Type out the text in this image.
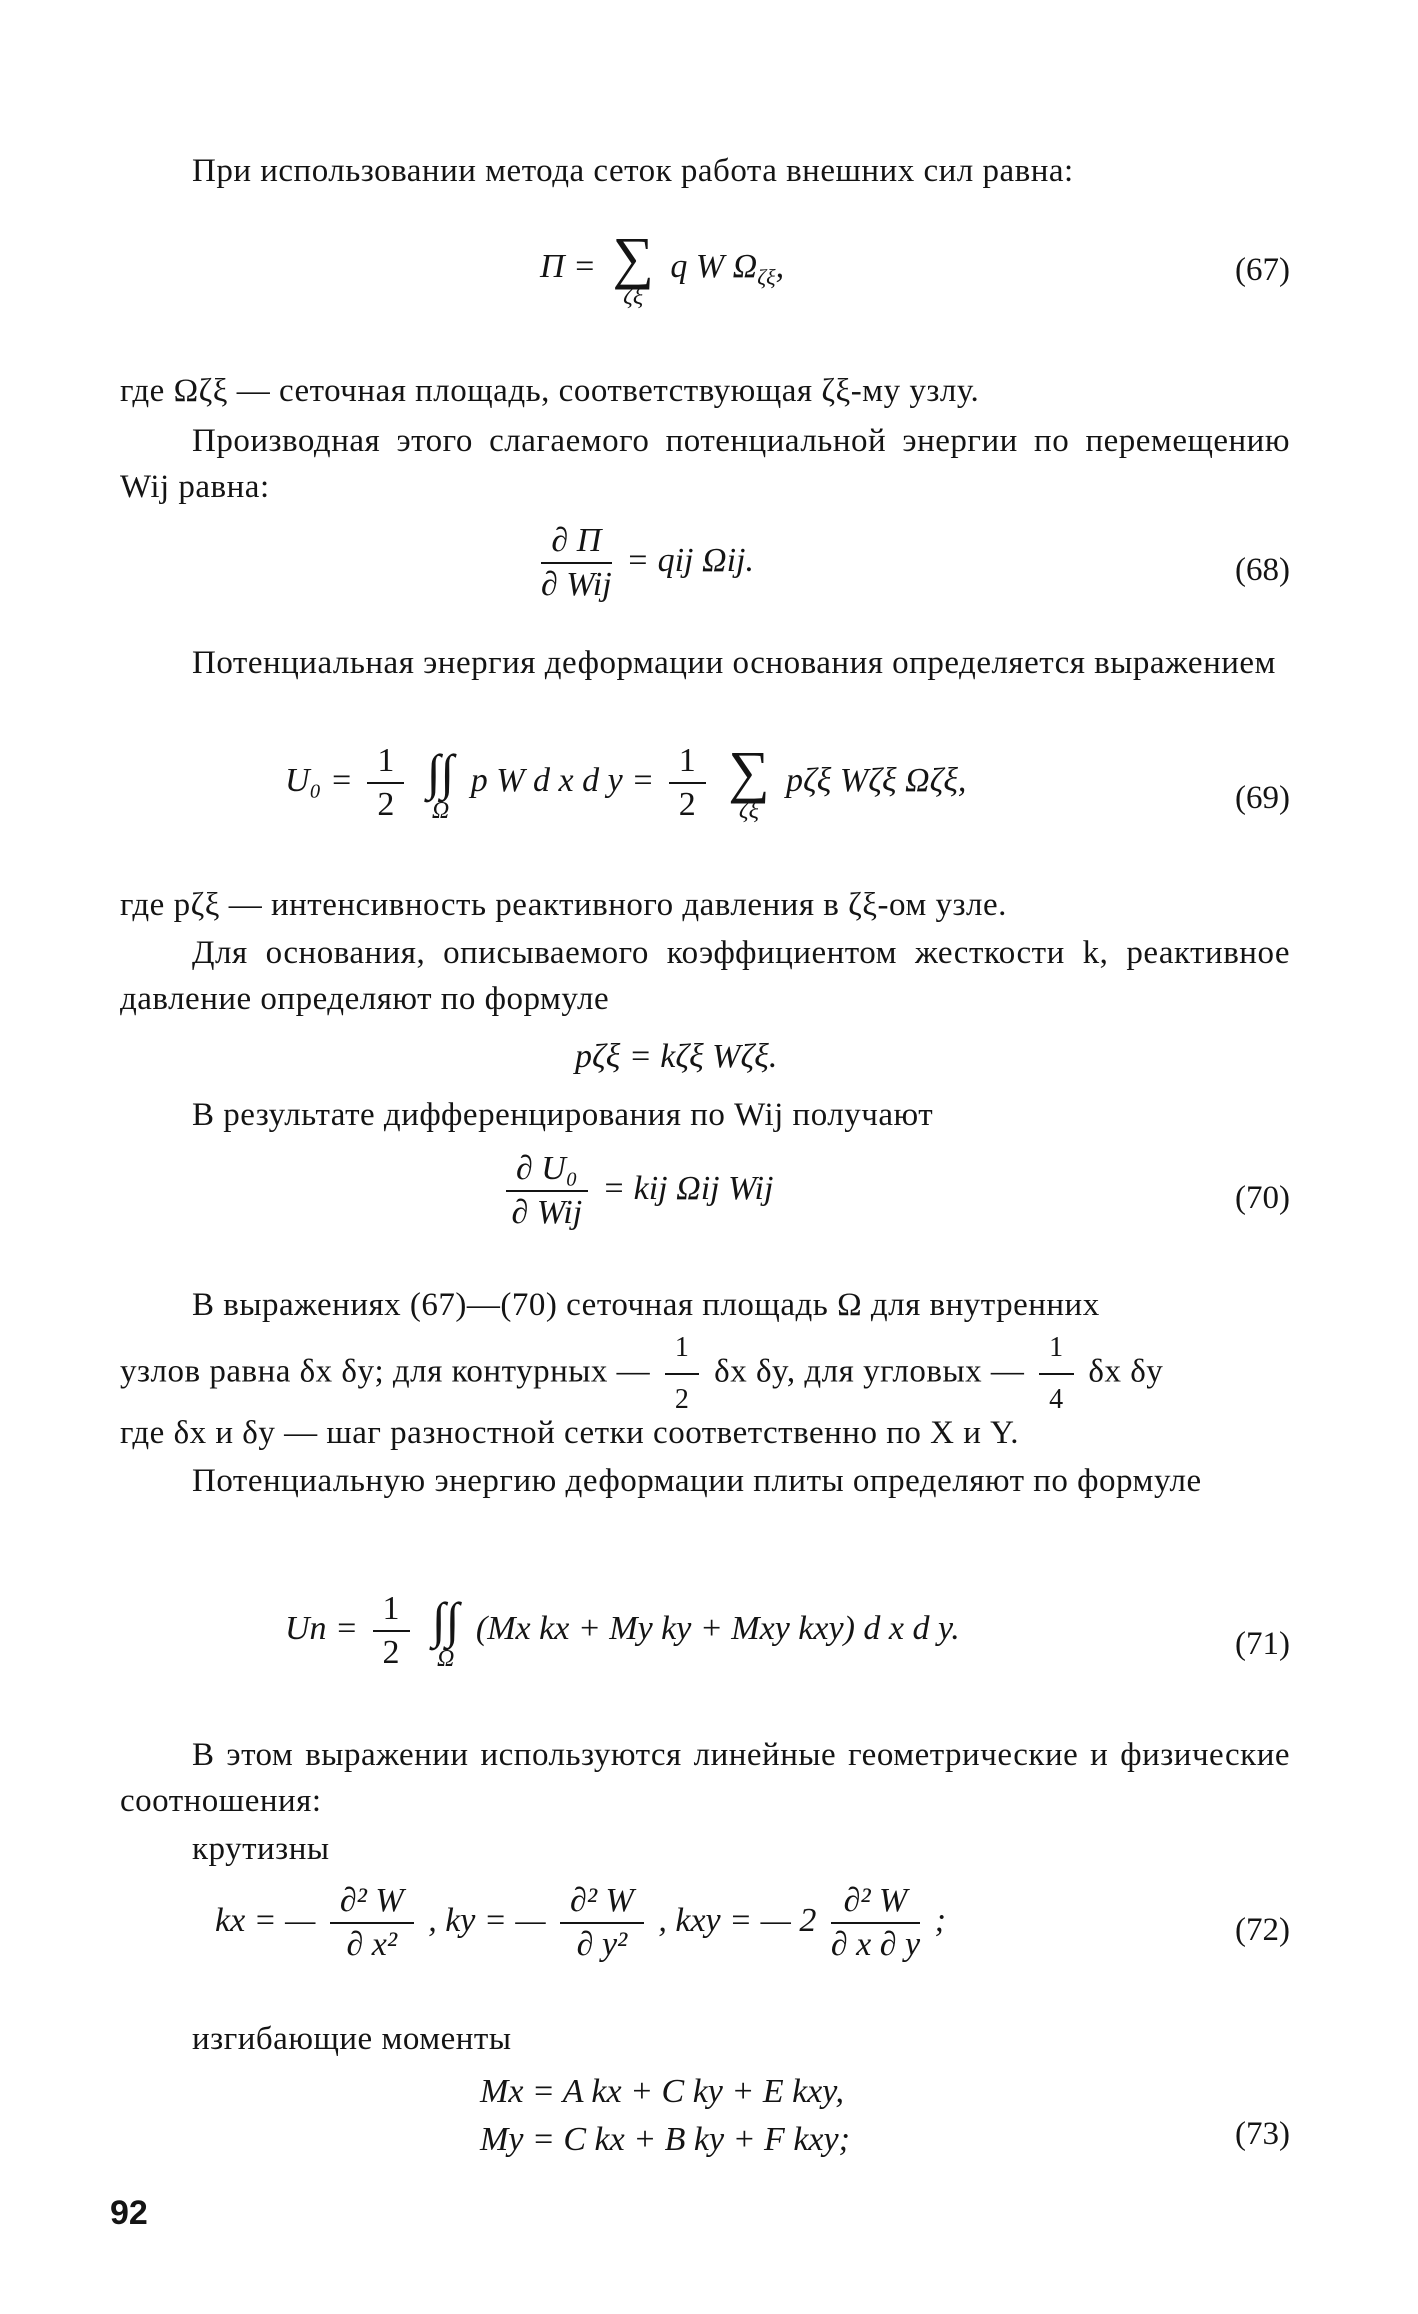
При использовании метода сеток работа внешних сил равна:
П = ∑
ζξ
q W $\Omega_{\zeta\xi}$,	(67)
где Ωζξ — сеточная площадь, соответствующая ζξ-му узлу.
Производная этого слагаемого потенциальной энергии по перемещению Wij равна:
$\frac{\partial П}{\text{∂ Wij}}$ = qij Ωij.	(68)
Потенциальная энергия деформации основания определяется выражением
$U_0 = \frac{1}{2}$
∫∫
Ω
p W d x d $y = \frac{1}{2}$
∑
ζξ
pζξ Wζξ Ωζξ,	(69)
где pζξ — интенсивность реактивного давления в ζξ-ом узле.
Для основания, описываемого коэффициентом жесткости k, реактивное давление определяют по формуле
pζξ = kζξ Wζξ.
В результате дифференцирования по Wij получают
$\frac{\text{∂ U₀}}{\text{∂ Wij}}$ = kij Ωij Wij	(70)
В выражениях (67)—(70) сеточная площадь Ω для внутренних
узлов равна δx δy; для контурных — $\frac{1}{2}$ δx δy, для угловых — $\frac{1}{4}$ δx δy
где δx и δy — шаг разностной сетки соответственно по X и Y.
Потенциальную энергию деформации плиты определяют по формуле
Uп = $\frac{1}{2}$
∫∫
Ω
(Mx kx + My ky + Mxy kxy) d x d y.	(71)
В этом выражении используются линейные геометрические и физические соотношения:
крутизны
kx = — $\frac{\text{∂² W}}{\text{∂ x²}}$ , ky = — $\frac{\text{∂² W}}{\text{∂ y²}}$ , kxy = — $2 \frac{\text{∂² W}}{\partial x \partial y}$ ;	(72)
изгибающие моменты
Mx = A kx + C ky + E kxy,
My = C kx + B ky + F kxy;	(73)
92
